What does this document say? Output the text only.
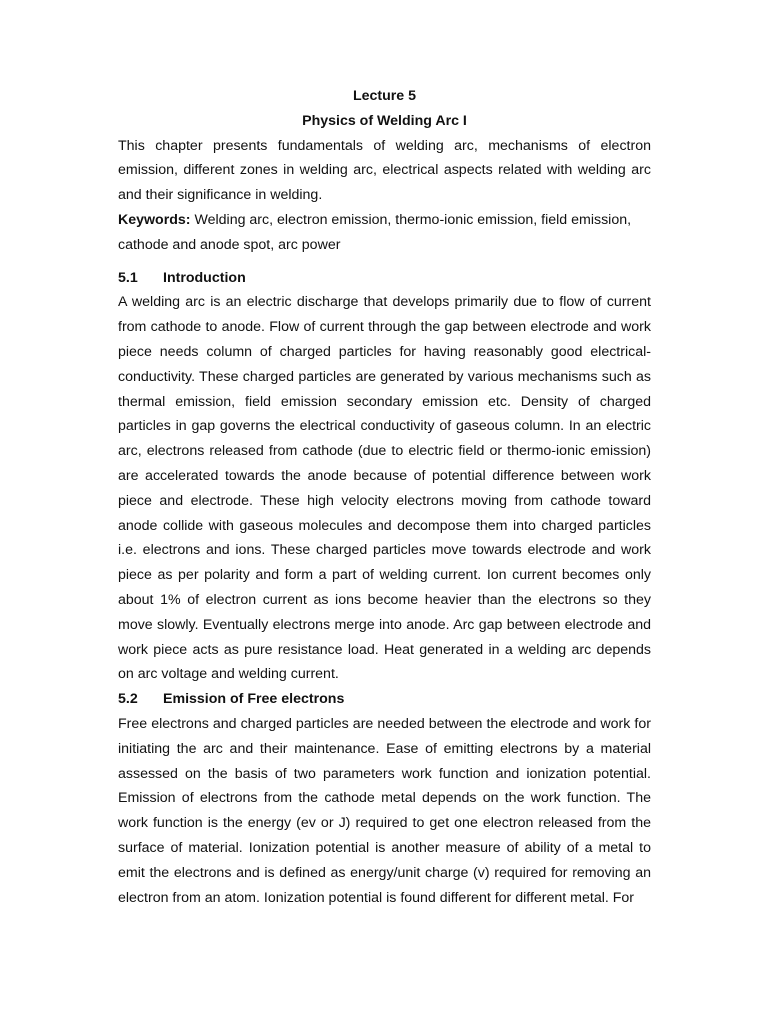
Lecture 5

Physics of Welding Arc I

This chapter presents fundamentals of welding arc, mechanisms of electron emission, different zones in welding arc, electrical aspects related with welding arc and their significance in welding.

Keywords: Welding arc, electron emission, thermo-ionic emission, field emission, cathode and anode spot, arc power

5.1	Introduction

A welding arc is an electric discharge that develops primarily due to flow of current from cathode to anode. Flow of current through the gap between electrode and work piece needs column of charged particles for having reasonably good electrical-conductivity. These charged particles are generated by various mechanisms such as thermal emission, field emission secondary emission etc. Density of charged particles in gap governs the electrical conductivity of gaseous column. In an electric arc, electrons released from cathode (due to electric field or thermo-ionic emission) are accelerated towards the anode because of potential difference between work piece and electrode. These high velocity electrons moving from cathode toward anode collide with gaseous molecules and decompose them into charged particles i.e. electrons and ions. These charged particles move towards electrode and work piece as per polarity and form a part of welding current. Ion current becomes only about 1% of electron current as ions become heavier than the electrons so they move slowly. Eventually electrons merge into anode. Arc gap between electrode and work piece acts as pure resistance load. Heat generated in a welding arc depends on arc voltage and welding current.

5.2	Emission of Free electrons

Free electrons and charged particles are needed between the electrode and work for initiating the arc and their maintenance. Ease of emitting electrons by a material assessed on the basis of two parameters work function and ionization potential. Emission of electrons from the cathode metal depends on the work function. The work function is the energy (ev or J) required to get one electron released from the surface of material. Ionization potential is another measure of ability of a metal to emit the electrons and is defined as energy/unit charge (v) required for removing an electron from an atom. Ionization potential is found different for different metal. For
